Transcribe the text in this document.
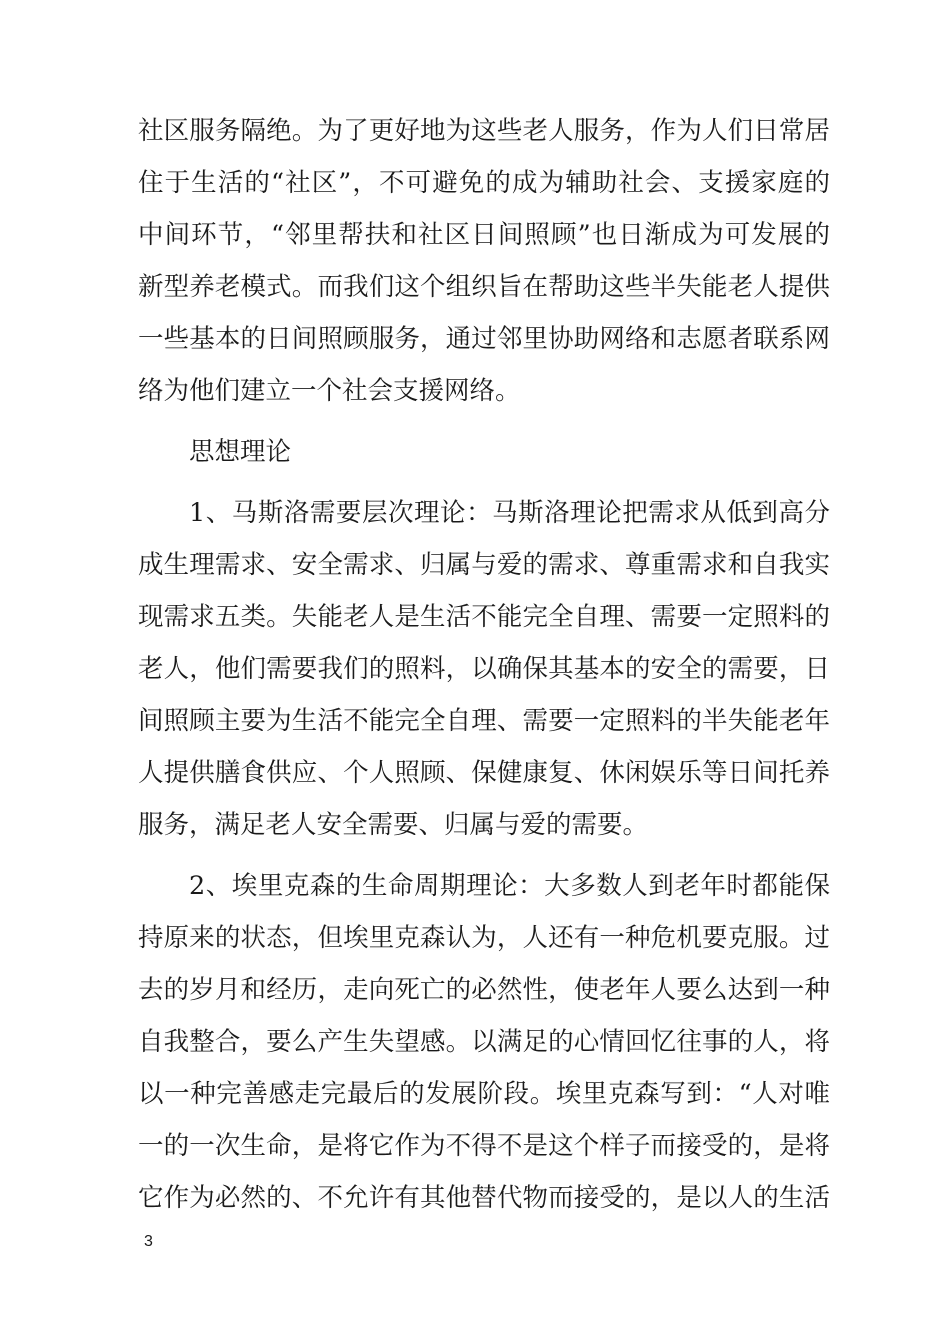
社区服务隔绝。为了更好地为这些老人服务，作为人们日常居
住于生活的“社区”，不可避免的成为辅助社会、支援家庭的
中间环节，“邻里帮扶和社区日间照顾”也日渐成为可发展的
新型养老模式。而我们这个组织旨在帮助这些半失能老人提供
一些基本的日间照顾服务，通过邻里协助网络和志愿者联系网
络为他们建立一个社会支援网络。
思想理论
1、马斯洛需要层次理论：马斯洛理论把需求从低到高分
成生理需求、安全需求、归属与爱的需求、尊重需求和自我实
现需求五类。失能老人是生活不能完全自理、需要一定照料的
老人，他们需要我们的照料，以确保其基本的安全的需要，日
间照顾主要为生活不能完全自理、需要一定照料的半失能老年
人提供膳食供应、个人照顾、保健康复、休闲娱乐等日间托养
服务，满足老人安全需要、归属与爱的需要。
2、埃里克森的生命周期理论：大多数人到老年时都能保
持原来的状态，但埃里克森认为，人还有一种危机要克服。过
去的岁月和经历，走向死亡的必然性，使老年人要么达到一种
自我整合，要么产生失望感。以满足的心情回忆往事的人，将
以一种完善感走完最后的发展阶段。埃里克森写到：“人对唯
一的一次生命，是将它作为不得不是这个样子而接受的，是将
它作为必然的、不允许有其他替代物而接受的，是以人的生活
3
